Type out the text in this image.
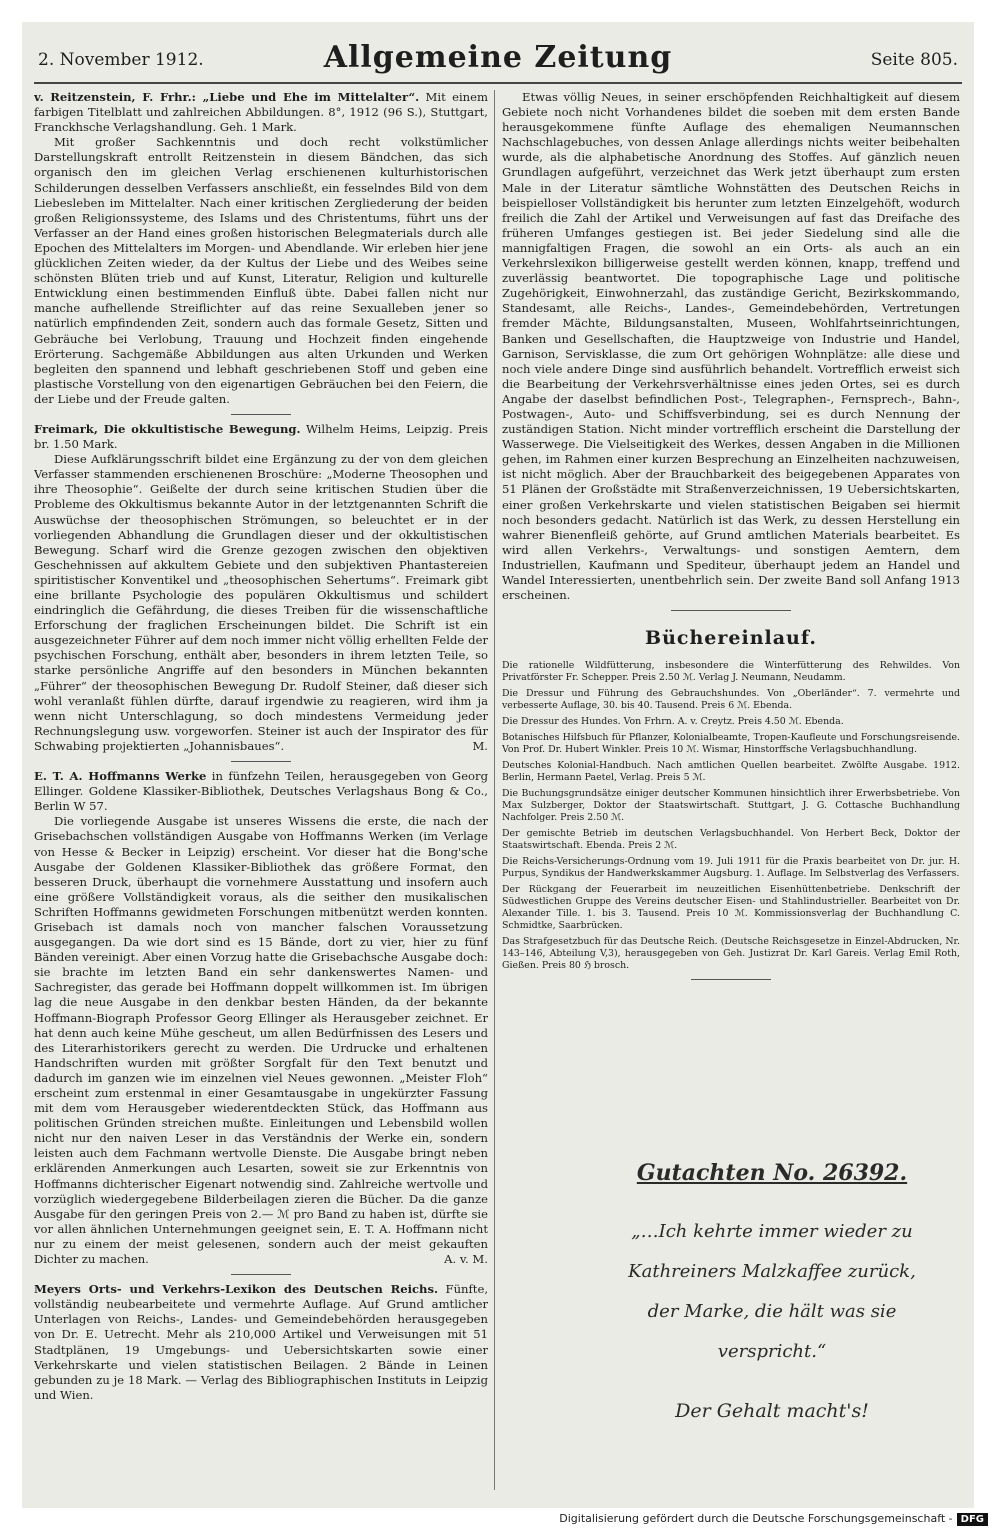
2. November 1912.	Allgemeine Zeitung	Seite 805.

v. Reitzenstein, F. Frhr.: „Liebe und Ehe im Mittelalter“. Mit einem farbigen Titelblatt und zahlreichen Abbildungen. 8°, 1912 (96 S.), Stuttgart, Franckhsche Verlagshandlung. Geh. 1 Mark.

Mit großer Sachkenntnis und doch recht volkstümlicher Darstellungskraft entrollt Reitzenstein in diesem Bändchen, das sich organisch den im gleichen Verlag erschienenen kulturhistorischen Schilderungen desselben Verfassers anschließt, ein fesselndes Bild von dem Liebesleben im Mittelalter. Nach einer kritischen Zergliederung der beiden großen Religionssysteme, des Islams und des Christentums, führt uns der Verfasser an der Hand eines großen historischen Belegmaterials durch alle Epochen des Mittelalters im Morgen- und Abendlande. Wir erleben hier jene glücklichen Zeiten wieder, da der Kultus der Liebe und des Weibes seine schönsten Blüten trieb und auf Kunst, Literatur, Religion und kulturelle Entwicklung einen bestimmenden Einfluß übte. Dabei fallen nicht nur manche aufhellende Streiflichter auf das reine Sexualleben jener so natürlich empfindenden Zeit, sondern auch das formale Gesetz, Sitten und Gebräuche bei Verlobung, Trauung und Hochzeit finden eingehende Erörterung. Sachgemäße Abbildungen aus alten Urkunden und Werken begleiten den spannend und lebhaft geschriebenen Stoff und geben eine plastische Vorstellung von den eigenartigen Gebräuchen bei den Feiern, die der Liebe und der Freude galten.

Freimark, Die okkultistische Bewegung. Wilhelm Heims, Leipzig. Preis br. 1.50 Mark.

Diese Aufklärungsschrift bildet eine Ergänzung zu der von dem gleichen Verfasser stammenden erschienenen Broschüre: „Moderne Theosophen und ihre Theosophie“. Geißelte der durch seine kritischen Studien über die Probleme des Okkultismus bekannte Autor in der letztgenannten Schrift die Auswüchse der theosophischen Strömungen, so beleuchtet er in der vorliegenden Abhandlung die Grundlagen dieser und der okkultistischen Bewegung. Scharf wird die Grenze gezogen zwischen den objektiven Geschehnissen auf akkultem Gebiete und den subjektiven Phantastereien spiritistischer Konventikel und „theosophischen Sehertums“. Freimark gibt eine brillante Psychologie des populären Okkultismus und schildert eindringlich die Gefährdung, die dieses Treiben für die wissenschaftliche Erforschung der fraglichen Erscheinungen bildet. Die Schrift ist ein ausgezeichneter Führer auf dem noch immer nicht völlig erhellten Felde der psychischen Forschung, enthält aber, besonders in ihrem letzten Teile, so starke persönliche Angriffe auf den besonders in München bekannten „Führer“ der theosophischen Bewegung Dr. Rudolf Steiner, daß dieser sich wohl veranlaßt fühlen dürfte, darauf irgendwie zu reagieren, wird ihm ja wenn nicht Unterschlagung, so doch mindestens Vermeidung jeder Rechnungslegung usw. vorgeworfen. Steiner ist auch der Inspirator des für Schwabing projektierten „Johannisbaues“.	M.

E. T. A. Hoffmanns Werke in fünfzehn Teilen, herausgegeben von Georg Ellinger. Goldene Klassiker-Bibliothek, Deutsches Verlagshaus Bong & Co., Berlin W 57.

Die vorliegende Ausgabe ist unseres Wissens die erste, die nach der Grisebachschen vollständigen Ausgabe von Hoffmanns Werken (im Verlage von Hesse & Becker in Leipzig) erscheint. Vor dieser hat die Bong'sche Ausgabe der Goldenen Klassiker-Bibliothek das größere Format, den besseren Druck, überhaupt die vornehmere Ausstattung und insofern auch eine größere Vollständigkeit voraus, als die seither den musikalischen Schriften Hoffmanns gewidmeten Forschungen mitbenützt werden konnten. Grisebach ist damals noch von mancher falschen Voraussetzung ausgegangen. Da wie dort sind es 15 Bände, dort zu vier, hier zu fünf Bänden vereinigt. Aber einen Vorzug hatte die Grisebachsche Ausgabe doch: sie brachte im letzten Band ein sehr dankenswertes Namen- und Sachregister, das gerade bei Hoffmann doppelt willkommen ist. Im übrigen lag die neue Ausgabe in den denkbar besten Händen, da der bekannte Hoffmann-Biograph Professor Georg Ellinger als Herausgeber zeichnet. Er hat denn auch keine Mühe gescheut, um allen Bedürfnissen des Lesers und des Literarhistorikers gerecht zu werden. Die Urdrucke und erhaltenen Handschriften wurden mit größter Sorgfalt für den Text benutzt und dadurch im ganzen wie im einzelnen viel Neues gewonnen. „Meister Floh“ erscheint zum erstenmal in einer Gesamtausgabe in ungekürzter Fassung mit dem vom Herausgeber wiederentdeckten Stück, das Hoffmann aus politischen Gründen streichen mußte. Einleitungen und Lebensbild wollen nicht nur den naiven Leser in das Verständnis der Werke ein, sondern leisten auch dem Fachmann wertvolle Dienste. Die Ausgabe bringt neben erklärenden Anmerkungen auch Lesarten, soweit sie zur Erkenntnis von Hoffmanns dichterischer Eigenart notwendig sind. Zahlreiche wertvolle und vorzüglich wiedergegebene Bilderbeilagen zieren die Bücher. Da die ganze Ausgabe für den geringen Preis von 2.— ℳ pro Band zu haben ist, dürfte sie vor allen ähnlichen Unternehmungen geeignet sein, E. T. A. Hoffmann nicht nur zu einem der meist gelesenen, sondern auch der meist gekauften Dichter zu machen.	A. v. M.

Meyers Orts- und Verkehrs-Lexikon des Deutschen Reichs. Fünfte, vollständig neubearbeitete und vermehrte Auflage. Auf Grund amtlicher Unterlagen von Reichs-, Landes- und Gemeindebehörden herausgegeben von Dr. E. Uetrecht. Mehr als 210,000 Artikel und Verweisungen mit 51 Stadtplänen, 19 Umgebungs- und Uebersichtskarten sowie einer Verkehrskarte und vielen statistischen Beilagen. 2 Bände in Leinen gebunden zu je 18 Mark. — Verlag des Bibliographischen Instituts in Leipzig und Wien.

Etwas völlig Neues, in seiner erschöpfenden Reichhaltigkeit auf diesem Gebiete noch nicht Vorhandenes bildet die soeben mit dem ersten Bande herausgekommene fünfte Auflage des ehemaligen Neumannschen Nachschlagebuches, von dessen Anlage allerdings nichts weiter beibehalten wurde, als die alphabetische Anordnung des Stoffes. Auf gänzlich neuen Grundlagen aufgeführt, verzeichnet das Werk jetzt überhaupt zum ersten Male in der Literatur sämtliche Wohnstätten des Deutschen Reichs in beispielloser Vollständigkeit bis herunter zum letzten Einzelgehöft, wodurch freilich die Zahl der Artikel und Verweisungen auf fast das Dreifache des früheren Umfanges gestiegen ist. Bei jeder Siedelung sind alle die mannigfaltigen Fragen, die sowohl an ein Orts- als auch an ein Verkehrslexikon billigerweise gestellt werden können, knapp, treffend und zuverlässig beantwortet. Die topographische Lage und politische Zugehörigkeit, Einwohnerzahl, das zuständige Gericht, Bezirkskommando, Standesamt, alle Reichs-, Landes-, Gemeindebehörden, Vertretungen fremder Mächte, Bildungsanstalten, Museen, Wohlfahrtseinrichtungen, Banken und Gesellschaften, die Hauptzweige von Industrie und Handel, Garnison, Servisklasse, die zum Ort gehörigen Wohnplätze: alle diese und noch viele andere Dinge sind ausführlich behandelt. Vortrefflich erweist sich die Bearbeitung der Verkehrsverhältnisse eines jeden Ortes, sei es durch Angabe der daselbst befindlichen Post-, Telegraphen-, Fernsprech-, Bahn-, Postwagen-, Auto- und Schiffsverbindung, sei es durch Nennung der zuständigen Station. Nicht minder vortrefflich erscheint die Darstellung der Wasserwege. Die Vielseitigkeit des Werkes, dessen Angaben in die Millionen gehen, im Rahmen einer kurzen Besprechung an Einzelheiten nachzuweisen, ist nicht möglich. Aber der Brauchbarkeit des beigegebenen Apparates von 51 Plänen der Großstädte mit Straßenverzeichnissen, 19 Uebersichtskarten, einer großen Verkehrskarte und vielen statistischen Beigaben sei hiermit noch besonders gedacht. Natürlich ist das Werk, zu dessen Herstellung ein wahrer Bienenfleiß gehörte, auf Grund amtlichen Materials bearbeitet. Es wird allen Verkehrs-, Verwaltungs- und sonstigen Aemtern, dem Industriellen, Kaufmann und Spediteur, überhaupt jedem an Handel und Wandel Interessierten, unentbehrlich sein. Der zweite Band soll Anfang 1913 erscheinen.

Büchereinlauf.
Die rationelle Wildfütterung, insbesondere die Winterfütterung des Rehwildes. Von Privatförster Fr. Schepper. Preis 2.50 ℳ. Verlag J. Neumann, Neudamm.
Die Dressur und Führung des Gebrauchshundes. Von „Oberländer“. 7. vermehrte und verbesserte Auflage, 30. bis 40. Tausend. Preis 6 ℳ. Ebenda.
Die Dressur des Hundes. Von Frhrn. A. v. Creytz. Preis 4.50 ℳ. Ebenda.
Botanisches Hilfsbuch für Pflanzer, Kolonialbeamte, Tropen-Kaufleute und Forschungsreisende. Von Prof. Dr. Hubert Winkler. Preis 10 ℳ. Wismar, Hinstorffsche Verlagsbuchhandlung.
Deutsches Kolonial-Handbuch. Nach amtlichen Quellen bearbeitet. Zwölfte Ausgabe. 1912. Berlin, Hermann Paetel, Verlag. Preis 5 ℳ.
Die Buchungsgrundsätze einiger deutscher Kommunen hinsichtlich ihrer Erwerbsbetriebe. Von Max Sulzberger, Doktor der Staatswirtschaft. Stuttgart, J. G. Cottasche Buchhandlung Nachfolger. Preis 2.50 ℳ.
Der gemischte Betrieb im deutschen Verlagsbuchhandel. Von Herbert Beck, Doktor der Staatswirtschaft. Ebenda. Preis 2 ℳ.
Die Reichs-Versicherungs-Ordnung vom 19. Juli 1911 für die Praxis bearbeitet von Dr. jur. H. Purpus, Syndikus der Handwerkskammer Augsburg. 1. Auflage. Im Selbstverlag des Verfassers.
Der Rückgang der Feuerarbeit im neuzeitlichen Eisenhüttenbetriebe. Denkschrift der Südwestlichen Gruppe des Vereins deutscher Eisen- und Stahlindustrieller. Bearbeitet von Dr. Alexander Tille. 1. bis 3. Tausend. Preis 10 ℳ. Kommissionsverlag der Buchhandlung C. Schmidtke, Saarbrücken.
Das Strafgesetzbuch für das Deutsche Reich. (Deutsche Reichsgesetze in Einzel-Abdrucken, Nr. 143–146, Abteilung V,3), herausgegeben von Geh. Justizrat Dr. Karl Gareis. Verlag Emil Roth, Gießen. Preis 80 ℌ brosch.
Gutachten No. 26392.
„…Ich kehrte immer wieder zu Kathreiners Malzkaffee zurück, der Marke, die hält was sie verspricht.“
Der Gehalt macht's!
Digitalisierung gefördert durch die Deutsche Forschungsgemeinschaft - DFG
